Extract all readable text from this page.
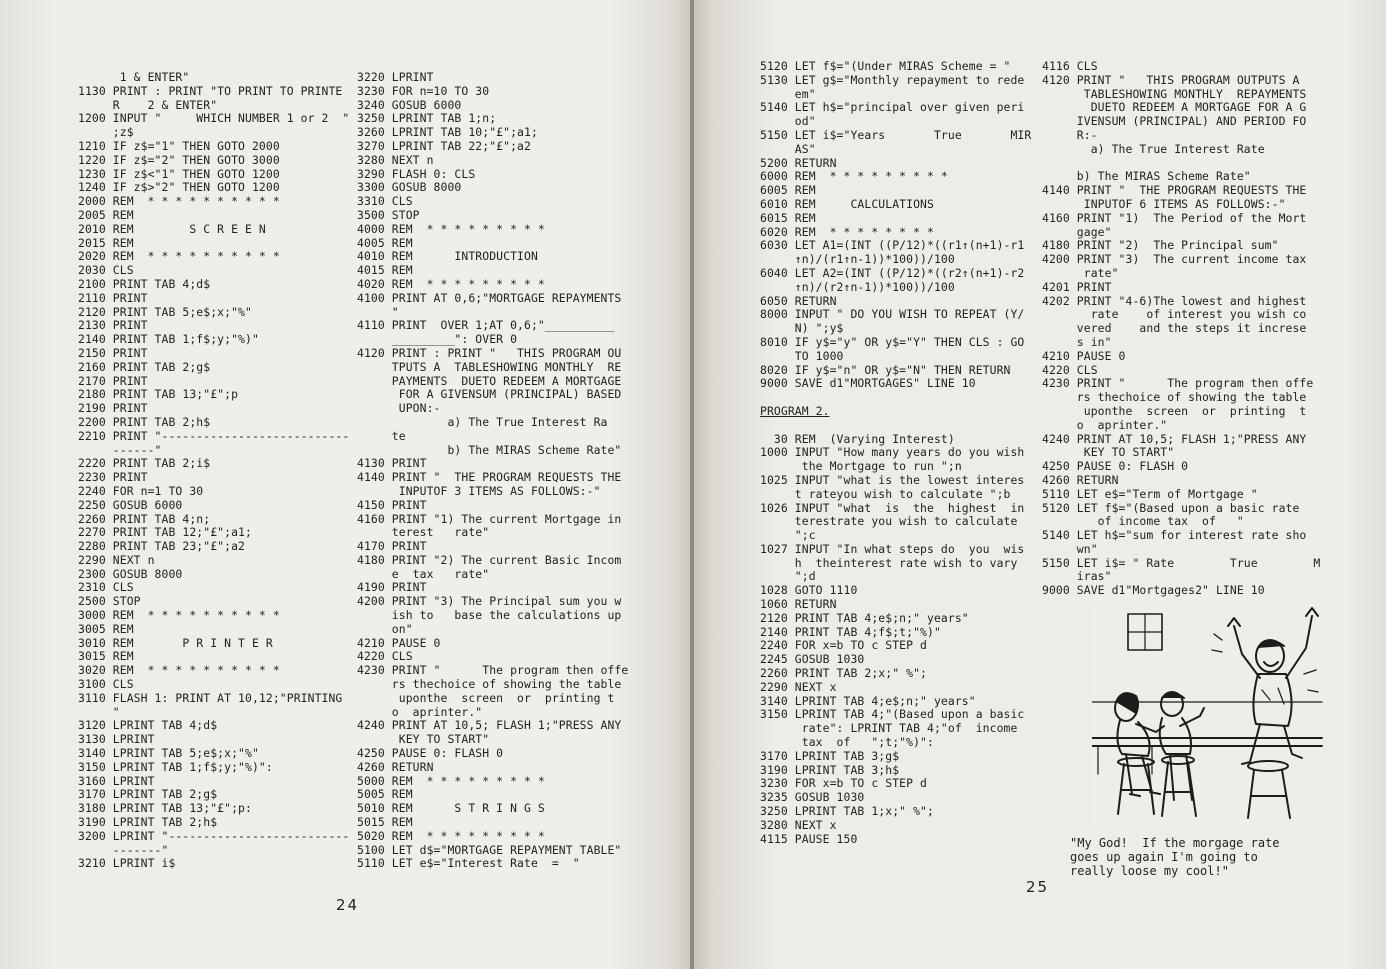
1 & ENTER"
1130 PRINT : PRINT "TO PRINT TO PRINTE
R    2 & ENTER"
1200 INPUT "     WHICH NUMBER 1 or 2  "
;z$
1210 IF z$="1" THEN GOTO 2000
1220 IF z$="2" THEN GOTO 3000
1230 IF z$<"1" THEN GOTO 1200
1240 IF z$>"2" THEN GOTO 1200
2000 REM  * * * * * * * * * *
2005 REM
2010 REM        S C R E E N
2015 REM
2020 REM  * * * * * * * * * *
2030 CLS
2100 PRINT TAB 4;d$
2110 PRINT
2120 PRINT TAB 5;e$;x;"%"
2130 PRINT
2140 PRINT TAB 1;f$;y;"%)"
2150 PRINT
2160 PRINT TAB 2;g$
2170 PRINT
2180 PRINT TAB 13;"£";p
2190 PRINT
2200 PRINT TAB 2;h$
2210 PRINT "---------------------------
------"
2220 PRINT TAB 2;i$
2230 PRINT
2240 FOR n=1 TO 30
2250 GOSUB 6000
2260 PRINT TAB 4;n;
2270 PRINT TAB 12;"£";a1;
2280 PRINT TAB 23;"£";a2
2290 NEXT n
2300 GOSUB 8000
2310 CLS
2500 STOP
3000 REM  * * * * * * * * * *
3005 REM
3010 REM       P R I N T E R
3015 REM
3020 REM  * * * * * * * * * *
3100 CLS
3110 FLASH 1: PRINT AT 10,12;"PRINTING
"
3120 LPRINT TAB 4;d$
3130 LPRINT
3140 LPRINT TAB 5;e$;x;"%"
3150 LPRINT TAB 1;f$;y;"%)":
3160 LPRINT
3170 LPRINT TAB 2;g$
3180 LPRINT TAB 13;"£";p:
3190 LPRINT TAB 2;h$
3200 LPRINT "--------------------------
-------"
3210 LPRINT i$
3220 LPRINT
3230 FOR n=10 TO 30
3240 GOSUB 6000
3250 LPRINT TAB 1;n;
3260 LPRINT TAB 10;"£";a1;
3270 LPRINT TAB 22;"£";a2
3280 NEXT n
3290 FLASH 0: CLS
3300 GOSUB 8000
3310 CLS
3500 STOP
4000 REM  * * * * * * * * *
4005 REM
4010 REM      INTRODUCTION
4015 REM
4020 REM  * * * * * * * * *
4100 PRINT AT 0,6;"MORTGAGE REPAYMENTS
"
4110 PRINT  OVER 1;AT 0,6;"__________
_________": OVER 0
4120 PRINT : PRINT "   THIS PROGRAM OU
TPUTS A  TABLESHOWING MONTHLY  RE
PAYMENTS  DUETO REDEEM A MORTGAGE
FOR A GIVENSUM (PRINCIPAL) BASED
UPON:-
a) The True Interest Ra
te
b) The MIRAS Scheme Rate"
4130 PRINT
4140 PRINT "  THE PROGRAM REQUESTS THE
INPUTOF 3 ITEMS AS FOLLOWS:-"
4150 PRINT
4160 PRINT "1) The current Mortgage in
terest   rate"
4170 PRINT
4180 PRINT "2) The current Basic Incom
e  tax   rate"
4190 PRINT
4200 PRINT "3) The Principal sum you w
ish to   base the calculations up
on"
4210 PAUSE 0
4220 CLS
4230 PRINT "      The program then offe
rs thechoice of showing the table
uponthe  screen  or  printing t
o  aprinter."
4240 PRINT AT 10,5; FLASH 1;"PRESS ANY
KEY TO START"
4250 PAUSE 0: FLASH 0
4260 RETURN
5000 REM  * * * * * * * * *
5005 REM
5010 REM      S T R I N G S
5015 REM
5020 REM  * * * * * * * * *
5100 LET d$="MORTGAGE REPAYMENT TABLE"
5110 LET e$="Interest Rate  =  "
24
5120 LET f$="(Under MIRAS Scheme = "
5130 LET g$="Monthly repayment to rede
em"
5140 LET h$="principal over given peri
od"
5150 LET i$="Years       True       MIR
AS"
5200 RETURN
6000 REM  * * * * * * * * *
6005 REM
6010 REM     CALCULATIONS
6015 REM
6020 REM  * * * * * * * *
6030 LET A1=(INT ((P/12)*((r1↑(n+1)-r1
↑n)/(r1↑n-1))*100))/100
6040 LET A2=(INT ((P/12)*((r2↑(n+1)-r2
↑n)/(r2↑n-1))*100))/100
6050 RETURN
8000 INPUT " DO YOU WISH TO REPEAT (Y/
N) ";y$
8010 IF y$="y" OR y$="Y" THEN CLS : GO
TO 1000
8020 IF y$="n" OR y$="N" THEN RETURN
9000 SAVE d1"MORTGAGES" LINE 10

PROGRAM 2.

30 REM  (Varying Interest)
1000 INPUT "How many years do you wish
the Mortgage to run ";n
1025 INPUT "what is the lowest interes
t rateyou wish to calculate ";b
1026 INPUT "what  is  the  highest  in
terestrate you wish to calculate
";c
1027 INPUT "In what steps do  you  wis
h  theinterest rate wish to vary
";d
1028 GOTO 1110
1060 RETURN
2120 PRINT TAB 4;e$;n;" years"
2140 PRINT TAB 4;f$;t;"%)"
2240 FOR x=b TO c STEP d
2245 GOSUB 1030
2260 PRINT TAB 2;x;" %";
2290 NEXT x
3140 LPRINT TAB 4;e$;n;" years"
3150 LPRINT TAB 4;"(Based upon a basic
rate": LPRINT TAB 4;"of  income
tax  of   ";t;"%)":
3170 LPRINT TAB 3;g$
3190 LPRINT TAB 3;h$
3230 FOR x=b TO c STEP d
3235 GOSUB 1030
3250 LPRINT TAB 1;x;" %";
3280 NEXT x
4115 PAUSE 150
4116 CLS
4120 PRINT "   THIS PROGRAM OUTPUTS A
TABLESHOWING MONTHLY  REPAYMENTS
DUETO REDEEM A MORTGAGE FOR A G
IVENSUM (PRINCIPAL) AND PERIOD FO
R:-
a) The True Interest Rate

b) The MIRAS Scheme Rate"
4140 PRINT "  THE PROGRAM REQUESTS THE
INPUTOF 6 ITEMS AS FOLLOWS:-"
4160 PRINT "1)  The Period of the Mort
gage"
4180 PRINT "2)  The Principal sum"
4200 PRINT "3)  The current income tax
rate"
4201 PRINT
4202 PRINT "4-6)The lowest and highest
rate    of interest you wish co
vered    and the steps it increse
s in"
4210 PAUSE 0
4220 CLS
4230 PRINT "      The program then offe
rs thechoice of showing the table
uponthe  screen  or  printing  t
o  aprinter."
4240 PRINT AT 10,5; FLASH 1;"PRESS ANY
KEY TO START"
4250 PAUSE 0: FLASH 0
4260 RETURN
5110 LET e$="Term of Mortgage "
5120 LET f$="(Based upon a basic rate
of income tax  of   "
5140 LET h$="sum for interest rate sho
wn"
5150 LET i$= " Rate        True        M
iras"
9000 SAVE d1"Mortgages2" LINE 10
"My God!  If the morgage rate
goes up again I'm going to
really loose my cool!"
25
